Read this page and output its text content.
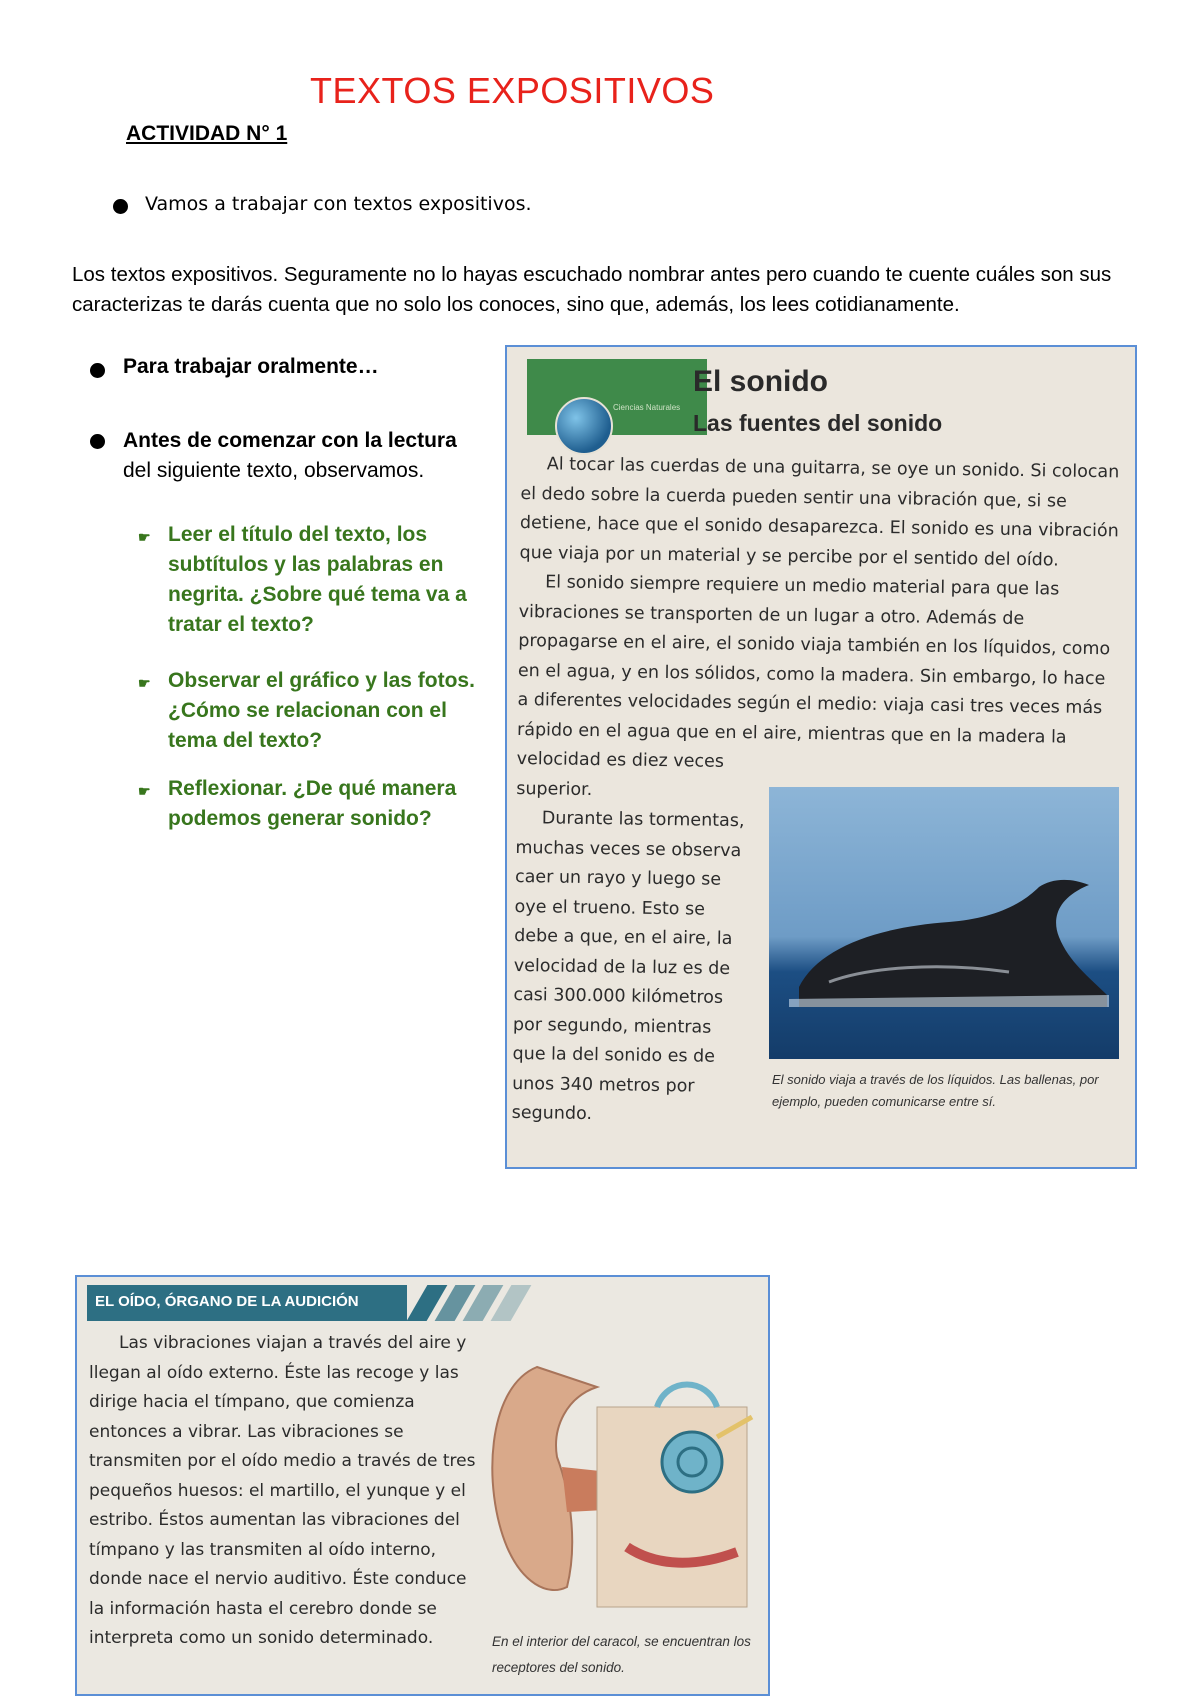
TEXTOS EXPOSITIVOS
ACTIVIDAD N° 1
Vamos a trabajar con textos expositivos.
Los textos expositivos. Seguramente no lo hayas escuchado nombrar antes pero cuando te cuente cuáles son sus caracterizas te darás cuenta que no solo los conoces, sino que, además, los lees cotidianamente.
Para trabajar oralmente…
Antes de comenzar con la lectura
del siguiente texto, observamos.
☛ Leer el título del texto, los subtítulos y las palabras en negrita. ¿Sobre qué tema va a tratar el texto?
☛ Observar el gráfico y las fotos. ¿Cómo se relacionan con el tema del texto?
☛ Reflexionar. ¿De qué manera podemos generar sonido?
Ciencias Naturales
El sonido
Las fuentes del sonido

Al tocar las cuerdas de una guitarra, se oye un sonido. Si colocan el dedo sobre la cuerda pueden sentir una vibración que, si se detiene, hace que el sonido desaparezca. El sonido es una vibración que viaja por un material y se percibe por el sentido del oído.

El sonido siempre requiere un medio material para que las vibraciones se transporten de un lugar a otro. Además de propagarse en el aire, el sonido viaja también en los líquidos, como en el agua, y en los sólidos, como la madera. Sin embargo, lo hace a diferentes velocidades según el medio: viaja casi tres veces más rápido en el agua que en el aire, mientras que en la madera la

velocidad es diez veces superior.

Durante las tormentas, muchas veces se observa caer un rayo y luego se oye el trueno. Esto se debe a que, en el aire, la velocidad de la luz es de casi 300.000 kilómetros por segundo, mientras que la del sonido es de unos 340 metros por segundo.

El sonido viaja a través de los líquidos. Las ballenas, por ejemplo, pueden comunicarse entre sí.
EL OÍDO, ÓRGANO DE LA AUDICIÓN

Las vibraciones viajan a través del aire y llegan al oído externo. Éste las recoge y las dirige hacia el tímpano, que comienza entonces a vibrar. Las vibraciones se transmiten por el oído medio a través de tres pequeños huesos: el martillo, el yunque y el estribo. Éstos aumentan las vibraciones del tímpano y las transmiten al oído interno, donde nace el nervio auditivo. Éste conduce la información hasta el cerebro donde se interpreta como un sonido determinado.	En el interior del caracol, se encuentran los receptores del sonido.
